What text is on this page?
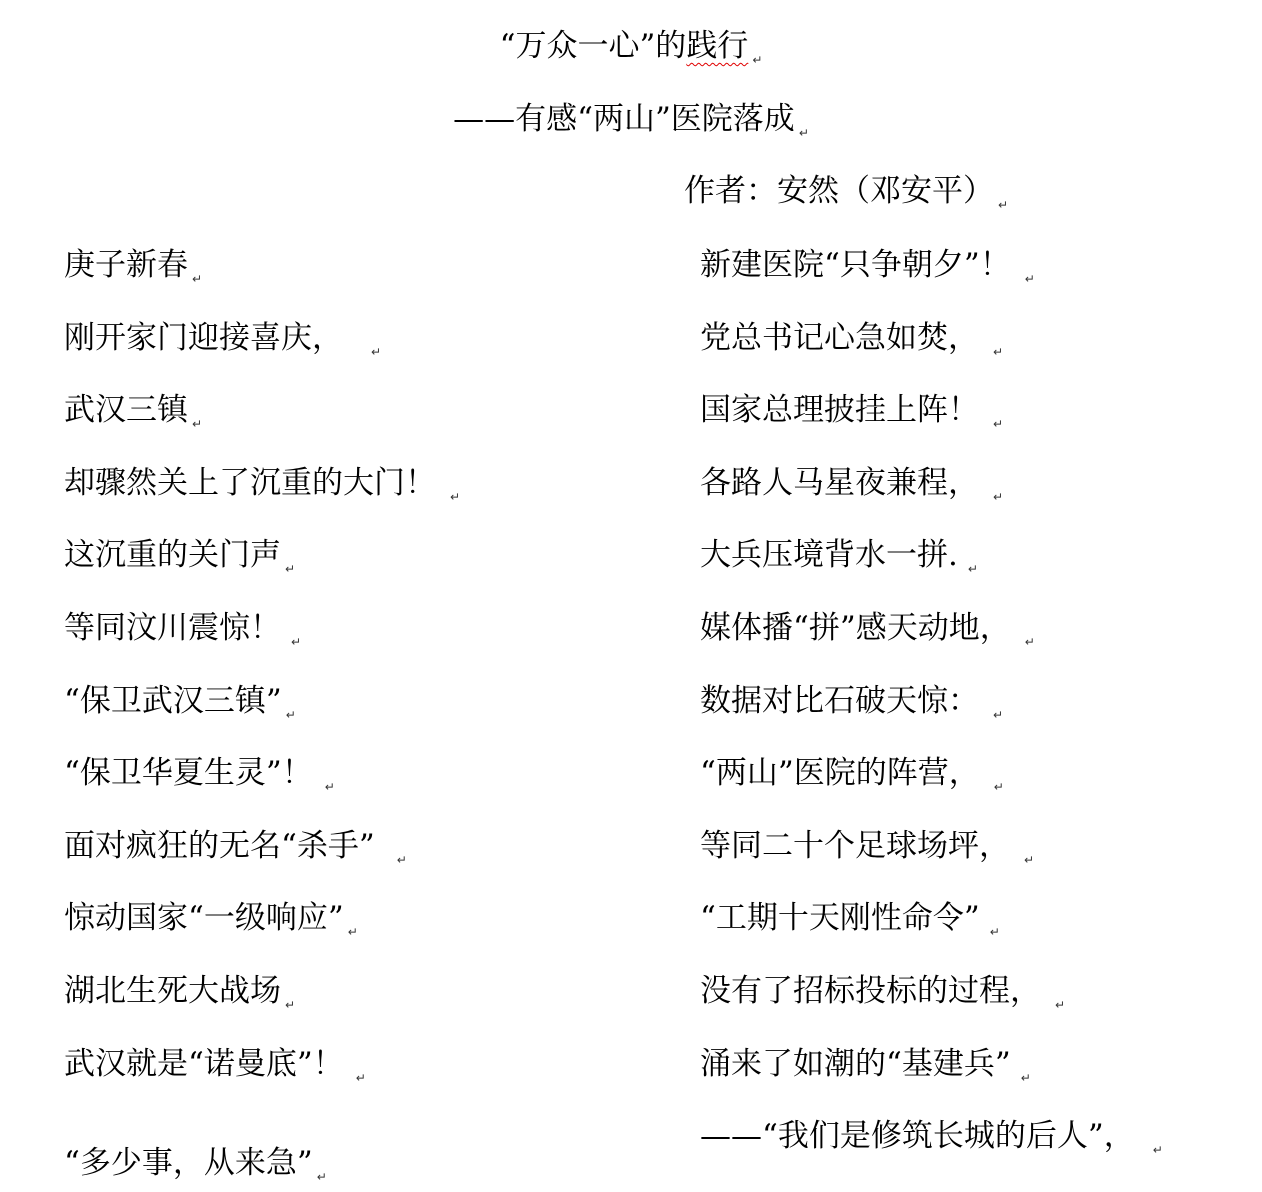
“万众一心”的践行 ↵
——有感“两山”医院落成 ↵
作者：安然（邓安平） ↵
庚子新春 ↵
刚开家门迎接喜庆， ↵
武汉三镇 ↵
却骤然关上了沉重的大门！ ↵
这沉重的关门声 ↵
等同汶川震惊！ ↵
“保卫武汉三镇” ↵
“保卫华夏生灵”！ ↵
面对疯狂的无名“杀手” ↵
惊动国家“一级响应” ↵
湖北生死大战场 ↵
武汉就是“诺曼底”！ ↵
“多少事，从来急” ↵
新建医院“只争朝夕”！ ↵
党总书记心急如焚， ↵
国家总理披挂上阵！ ↵
各路人马星夜兼程， ↵
大兵压境背水一拼. ↵
媒体播“拼”感天动地， ↵
数据对比石破天惊： ↵
“两山”医院的阵营， ↵
等同二十个足球场坪， ↵
“工期十天刚性命令” ↵
没有了招标投标的过程， ↵
涌来了如潮的“基建兵” ↵
——“我们是修筑长城的后人”， ↵
